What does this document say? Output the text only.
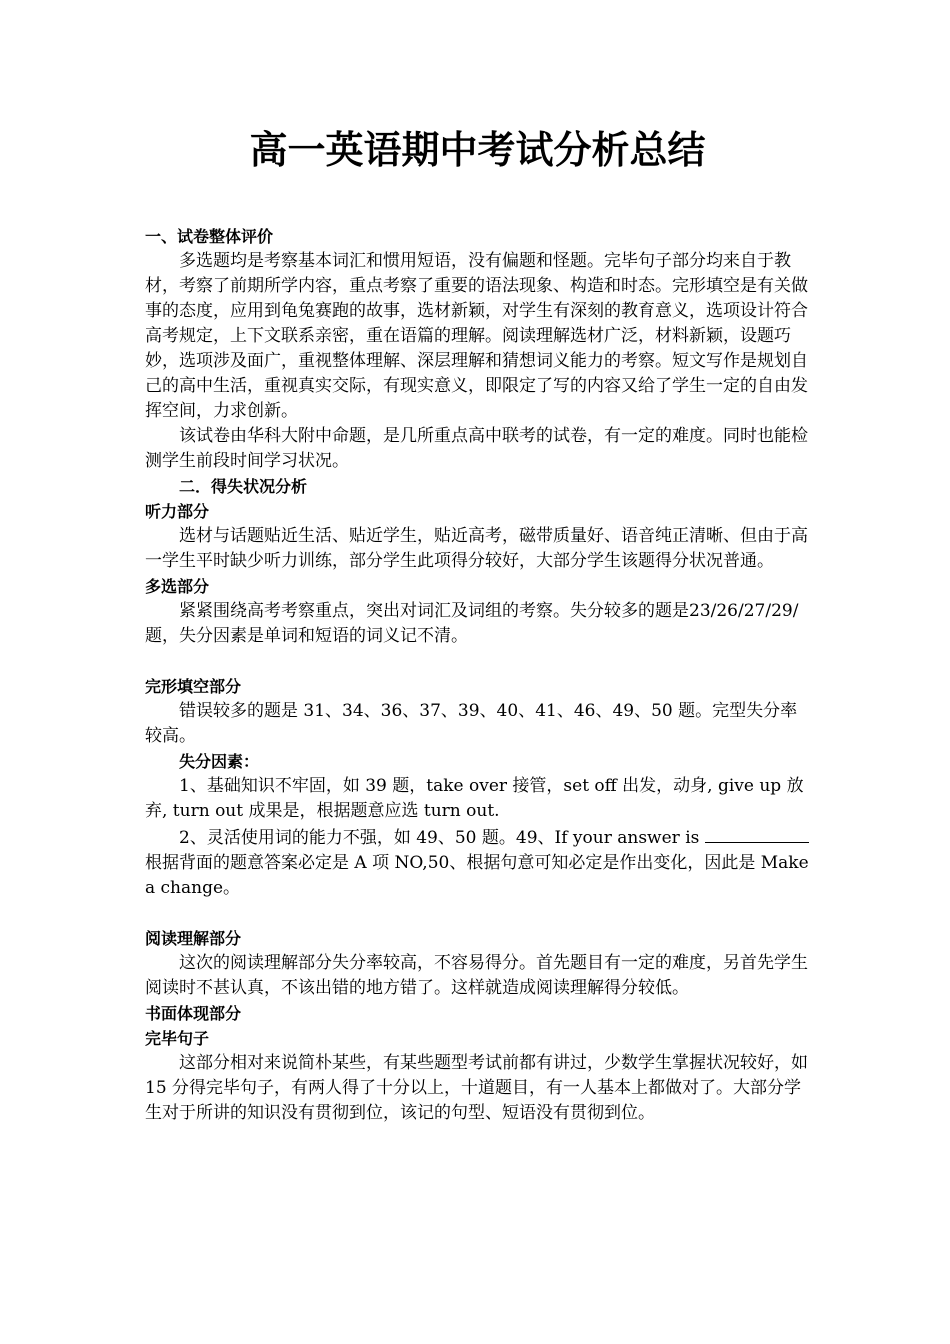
高一英语期中考试分析总结

一、试卷整体评价

多选题均是考察基本词汇和惯用短语，没有偏题和怪题。完毕句子部分均来自于教材，考察了前期所学内容，重点考察了重要的语法现象、构造和时态。完形填空是有关做事的态度，应用到龟兔赛跑的故事，选材新颖，对学生有深刻的教育意义，选项设计符合高考规定，上下文联系亲密，重在语篇的理解。阅读理解选材广泛，材料新颖，设题巧妙，选项涉及面广，重视整体理解、深层理解和猜想词义能力的考察。短文写作是规划自己的高中生活，重视真实交际，有现实意义，即限定了写的内容又给了学生一定的自由发挥空间，力求创新。

该试卷由华科大附中命题，是几所重点高中联考的试卷，有一定的难度。同时也能检测学生前段时间学习状况。

二．得失状况分析

听力部分

选材与话题贴近生活、贴近学生，贴近高考，磁带质量好、语音纯正清晰、但由于高一学生平时缺少听力训练，部分学生此项得分较好，大部分学生该题得分状况普通。

多选部分

紧紧围绕高考考察重点，突出对词汇及词组的考察。失分较多的题是23/26/27/29/题，失分因素是单词和短语的词义记不清。

完形填空部分

错误较多的题是 31、34、36、37、39、40、41、46、49、50 题。完型失分率较高。

失分因素：

1、基础知识不牢固，如 39 题，take over 接管，set off 出发，动身, give up 放弃, turn out 成果是，根据题意应选 turn out.

2、灵活使用词的能力不强，如 49、50 题。49、If your answer is 根据背面的题意答案必定是 A 项 NO,50、根据句意可知必定是作出变化，因此是 Make a change。

阅读理解部分

这次的阅读理解部分失分率较高，不容易得分。首先题目有一定的难度，另首先学生阅读时不甚认真，不该出错的地方错了。这样就造成阅读理解得分较低。

书面体现部分

完毕句子

这部分相对来说简朴某些，有某些题型考试前都有讲过，少数学生掌握状况较好，如 15 分得完毕句子，有两人得了十分以上，十道题目，有一人基本上都做对了。大部分学生对于所讲的知识没有贯彻到位，该记的句型、短语没有贯彻到位。
